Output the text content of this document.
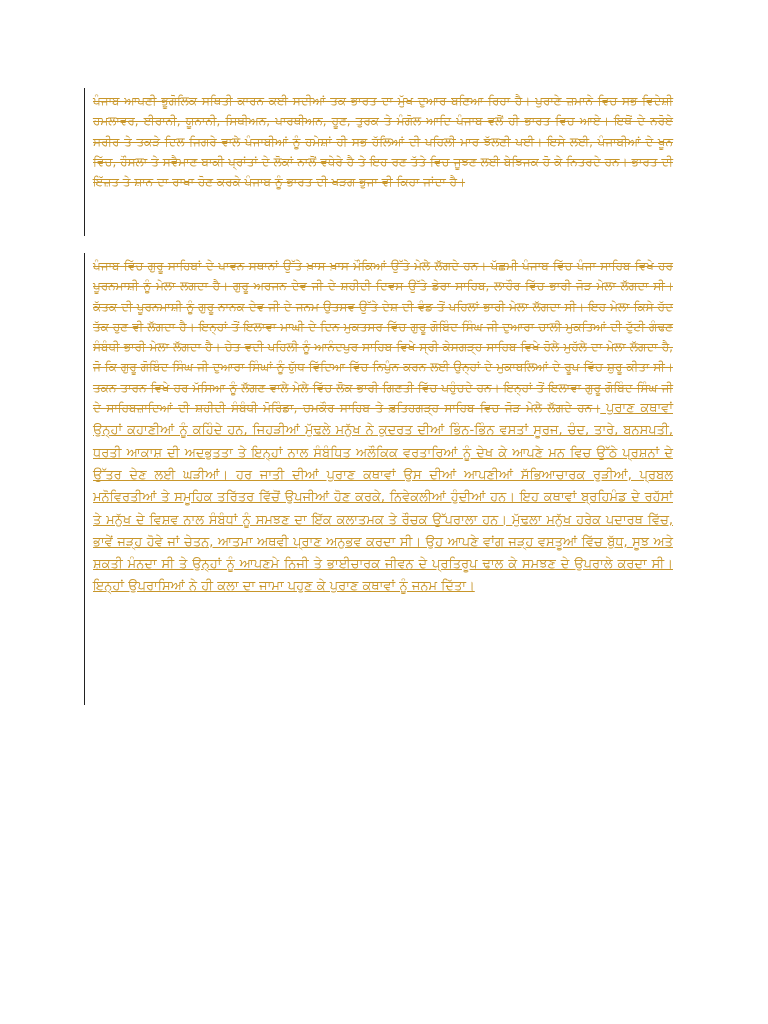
ਪੰਜਾਬ ਆਪਣੀ ਭੂਗੋਲਿਕ ਸਥਿਤੀ ਕਾਰਨ ਕਈ ਸਦੀਆਂ ਤਕ ਭਾਰਤ ਦਾ ਮੁੱਖ ਦੁਆਰ ਬਣਿਆ ਰਿਹਾ ਹੈ। ਪੁਰਾਣੇ ਜ਼ਮਾਨੇ ਵਿਚ ਸਭ ਵਿਦੇਸ਼ੀ ਹਮਲਾਵਰ, ਈਰਾਨੀ, ਯੂਨਾਨੀ, ਸਿਥੀਅਨ, ਪਾਰਥੀਅਨ, ਹੂਣ, ਤੁਰਕ ਤੇ ਮੰਗੋਲ ਆਦਿ ਪੰਜਾਬ ਵਲੋਂ ਹੀ ਭਾਰਤ ਵਿਚ ਆਏ। ਇਥੋਂ ਦੇ ਨਰੋਏ ਸਰੀਰ ਤੇ ਤਕੜੇ ਦਿਲ ਜਿਗਰੇ ਵਾਲੇ ਪੰਜਾਬੀਆਂ ਨੂੰ ਹਮੇਸ਼ਾਂ ਹੀ ਸਭ ਹੱਲਿਆਂ ਦੀ ਪਹਿਲੀ ਮਾਰ ਝੱਲਣੀ ਪਈ। ਇਸੇ ਲਈ, ਪੰਜਾਬੀਆਂ ਦੇ ਖੂਨ ਵਿੱਚ, ਹੌਸਲਾ ਤੇ ਸਵੈਮਾਣ ਬਾਕੀ ਪ੍ਰਾਂਤਾਂ ਦੇ ਲੋਕਾਂ ਨਾਲੋਂ ਵਧੇਰੇ ਹੈ ਤੇ ਇਹ ਰਣ ਤੱਤੇ ਵਿਚ ਜੂਝਣ ਲਈ ਬੇਝਿਜਕ ਹੋ ਕੇ ਨਿਤਰਦੇ ਹਨ। ਭਾਰਤ ਦੀ ਇੱਜ਼ਤ ਤੇ ਸ਼ਾਨ ਦਾ ਰਾਖਾ ਹੋਣ ਕਰਕੇ ਪੰਜਾਬ ਨੂੰ ਭਾਰਤ ਦੀ ਖੜਗ ਭੁਜਾ ਵੀ ਕਿਹਾ ਜਾਂਦਾ ਹੈ।

ਪੰਜਾਬ ਵਿੱਚ ਗੁਰੂ ਸਾਹਿਬਾਂ ਦੇ ਪਾਵਨ ਸਥਾਨਾਂ ਉੱਤੇ ਖ਼ਾਸ-ਖ਼ਾਸ ਮੌਕਿਆਂ ਉੱਤੇ ਮੇਲੇ ਲੱਗਦੇ ਹਨ। ਪੱਛਮੀ ਪੰਜਾਬ ਵਿੱਚ ਪੰਜਾ ਸਾਹਿਬ ਵਿਖੇ ਹਰ ਪੂਰਨਮਾਸ਼ੀ ਨੂੰ ਮੇਲਾ ਲਗਦਾ ਹੈ। ਗੁਰੂ ਅਰਜਨ ਦੇਵ ਜੀ ਦੇ ਸ਼ਹੀਦੀ ਦਿਵਸ ਉੱਤੇ ਡੇਰਾ ਸਾਹਿਬ, ਲਾਹੌਰ ਵਿੱਚ ਭਾਰੀ ਜੋੜ ਮੇਲਾ ਲੱਗਦਾ ਸੀ। ਕੱਤਕ ਦੀ ਪੂਰਨਮਾਸ਼ੀ ਨੂੰ ਗੁਰੂ ਨਾਨਕ ਦੇਵ ਜੀ ਦੇ ਜਨਮ ਉਤਸਵ ਉੱਤੇ ਦੇਸ਼ ਦੀ ਵੰਡ ਤੋਂ ਪਹਿਲਾਂ ਭਾਰੀ ਮੇਲਾ ਲੱਗਦਾ ਸੀ। ਇਹ ਮੇਲਾ ਕਿਸੇ ਹੱਦ ਤੱਕ ਹੁਣ ਵੀ ਲੱਗਦਾ ਹੈ। ਇਨ੍ਹਾਂ ਤੋਂ ਇਲਾਵਾ ਮਾਘੀ ਦੇ ਦਿਨ ਮੁਕਤਸਰ ਵਿੱਚ ਗੁਰੂ ਗੋਬਿੰਦ ਸਿੰਘ ਜੀ ਦੁਆਰਾ ਚਾਲੀ ਮੁਕਤਿਆਂ ਦੀ ਟੁੱਟੀ ਗੰਢਣ ਸੰਬੰਧੀ ਭਾਰੀ ਮੇਲਾ ਲੱਗਦਾ ਹੈ। ਚੇਤ ਵਦੀ ਪਹਿਲੀ ਨੂੰ ਆਨੰਦਪੁਰ ਸਾਹਿਬ ਵਿਖੇ ਸ੍ਰੀ ਕੇਸਗੜ੍ਹ ਸਾਹਿਬ ਵਿਖੇ ਹੋਲੇ-ਮੁਹੱਲੇ ਦਾ ਮੇਲਾ ਲੱਗਦਾ ਹੈ, ਜੋ ਕਿ ਗੁਰੂ ਗੋਬਿੰਦ ਸਿੰਘ ਜੀ ਦੁਆਰਾ ਸਿੰਘਾਂ ਨੂੰ ਯੁੱਧ ਵਿੱਦਿਆ ਵਿੱਚ ਨਿਪੁੰਨ ਕਰਨ ਲਈ ਉਨ੍ਹਾਂ ਦੇ ਮੁਕਾਬਲਿਆਂ ਦੇ ਰੂਪ ਵਿੱਚ ਸ਼ੁਰੂ ਕੀਤਾ ਸੀ। ਤਕਨ ਤਾਰਨ ਵਿਖੇ ਹਰ ਮੱਸਿਆ ਨੂੰ ਲੱਗਣ ਵਾਲੇ ਮੇਲੇ ਵਿੱਚ ਲੋਕ ਭਾਰੀ ਗਿਣਤੀ ਵਿੱਚ ਪਹੁੰਚਦੇ ਹਨ। ਇਨ੍ਹਾਂ ਤੋਂ ਇਲਾਵਾ ਗੁਰੂ ਗੋਬਿੰਦ ਸਿੰਘ ਜੀ ਦੇ ਸਾਹਿਬਜ਼ਾਦਿਆਂ ਦੀ ਸ਼ਹੀਦੀ ਸੰਬੰਧੀ ਮੋਰਿੰਡਾ, ਚਮਕੌਰ ਸਾਹਿਬ ਤੇ ਫ਼ਤਿਹਗੜ੍ਹ ਸਾਹਿਬ ਵਿਚ ਜੋੜ ਮੇਲੇ ਲੱਗਦੇ ਹਨ। ਪੁਰਾਣ ਕਥਾਵਾਂ ਉਨ੍ਹਾਂ ਕਹਾਣੀਆਂ ਨੂੰ ਕਹਿੰਦੇ ਹਨ, ਜਿਹੜੀਆਂ ਮੁੱਢਲੇ ਮਨੁੱਖ ਨੇ ਕੁਦਰਤ ਦੀਆਂ ਭਿੰਨ-ਭਿੰਨ ਵਸਤਾਂ ਸੂਰਜ, ਚੰਦ, ਤਾਰੇ, ਬਨਸਪਤੀ, ਧਰਤੀ ਆਕਾਸ਼ ਦੀ ਅਦਭੁਤਤਾ ਤੇ ਇਨ੍ਹਾਂ ਨਾਲ ਸੰਬੰਧਿਤ ਅਲੌਕਿਕ ਵਰਤਾਰਿਆਂ ਨੂੰ ਦੇਖ ਕੇ ਆਪਣੇ ਮਨ ਵਿਚ ਉੱਠੇ ਪ੍ਰਸ਼ਨਾਂ ਦੇ ਉੱਤਰ ਦੇਣ ਲਈ ਘੜੀਆਂ। ਹਰ ਜਾਤੀ ਦੀਆਂ ਪੁਰਾਣ ਕਥਾਵਾਂ ਉਸ ਦੀਆਂ ਆਪਣੀਆਂ ਸੱਭਿਆਚਾਰਕ ਰੁੜੀਆਂ, ਪ੍ਰਬਲ ਮਨੋਵਿਰਤੀਆਂ ਤੇ ਸਮੂਹਿਕ ਤਰਿੱਤਰ ਵਿੱਚੋਂ ਉਪਜੀਆਂ ਹੋਣ ਕਰਕੇ, ਨਿਵੇਕਲੀਆਂ ਹੁੰਦੀਆਂ ਹਨ। ਇਹ ਕਥਾਵਾਂ ਬ੍ਰਹਿਮੰਡ ਦੇ ਰਹੱਸਾਂ ਤੇ ਮਨੁੱਖ ਦੇ ਵਿਸ਼ਵ ਨਾਲ ਸੰਬੰਧਾਂ ਨੂੰ ਸਮਝਣ ਦਾ ਇੱਕ ਕਲਾਤਮਕ ਤੇ ਰੌਚਕ ਉੱਪਰਾਲਾ ਹਨ। ਮੁੱਢਲਾ ਮਨੁੱਖ ਹਰੇਕ ਪਦਾਰਥ ਵਿੱਚ, ਭਾਵੇਂ ਜੜ੍ਹ ਹੋਵੇ ਜਾਂ ਚੇਤਨ, ਆਤਮਾ ਅਥਵੀ ਪ੍ਰਾਣ ਅਨੁਭਵ ਕਰਦਾ ਸੀ। ਉਹ ਆਪਣੇ ਵਾਂਗ ਜੜ੍ਹ ਵਸਤੂਆਂ ਵਿੱਚ ਬੁੱਧ, ਸੂਝ ਅਤੇ ਸ਼ਕਤੀ ਮੰਨਦਾ ਸੀ ਤੇ ਉਨ੍ਹਾਂ ਨੂੰ ਆਪਣਮੇ ਨਿਜੀ ਤੇ ਭਾਈਚਾਰਕ ਜੀਵਨ ਦੇ ਪ੍ਰਤਿਰੂਪ ਢਾਲ ਕੇ ਸਮਝਣ ਦੇ ਉਪਰਾਲੇ ਕਰਦਾ ਸੀ। ਇਨ੍ਹਾਂ ਉਪਰਾਸਿਆਂ ਨੇ ਹੀ ਕਲਾ ਦਾ ਜਾਮਾ ਪਹੁਣ ਕੇ ਪੁਰਾਣ ਕਥਾਵਾਂ ਨੂੰ ਜਨਮ ਦਿੱਤਾ।
